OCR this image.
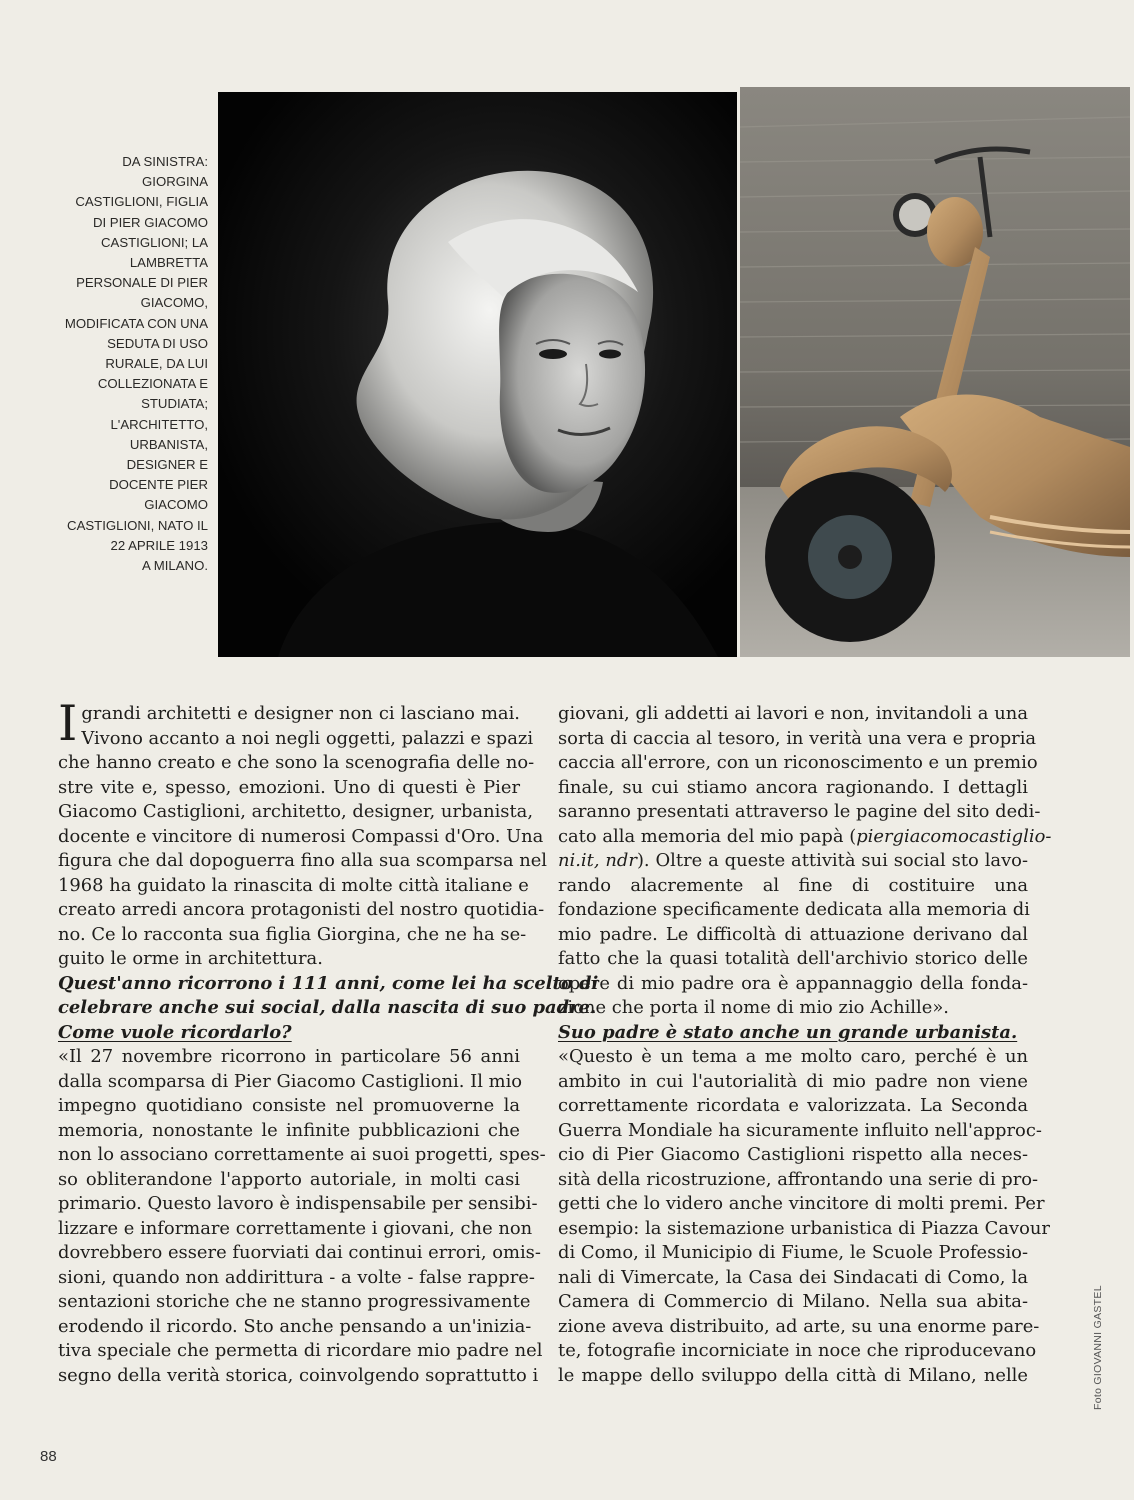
DA SINISTRA:
GIORGINA
CASTIGLIONI, FIGLIA
DI PIER GIACOMO
CASTIGLIONI; LA
LAMBRETTA
PERSONALE DI PIER
GIACOMO,
MODIFICATA CON UNA
SEDUTA DI USO
RURALE, DA LUI
COLLEZIONATA E
STUDIATA;
L'ARCHITETTO,
URBANISTA,
DESIGNER E
DOCENTE PIER
GIACOMO
CASTIGLIONI, NATO IL
22 APRILE 1913
A MILANO.
I grandi architetti e designer non ci lasciano mai.
Vivono accanto a noi negli oggetti, palazzi e spazi
che hanno creato e che sono la scenografia delle no-
stre vite e, spesso, emozioni. Uno di questi è Pier
Giacomo Castiglioni, architetto, designer, urbanista,
docente e vincitore di numerosi Compassi d'Oro. Una
figura che dal dopoguerra fino alla sua scomparsa nel
1968 ha guidato la rinascita di molte città italiane e
creato arredi ancora protagonisti del nostro quotidia-
no. Ce lo racconta sua figlia Giorgina, che ne ha se-
guito le orme in architettura.
Quest'anno ricorrono i 111 anni, come lei ha scelto di
celebrare anche sui social, dalla nascita di suo padre.
Come vuole ricordarlo?
«Il 27 novembre ricorrono in particolare 56 anni
dalla scomparsa di Pier Giacomo Castiglioni. Il mio
impegno quotidiano consiste nel promuoverne la
memoria, nonostante le infinite pubblicazioni che
non lo associano correttamente ai suoi progetti, spes-
so obliterandone l'apporto autoriale, in molti casi
primario. Questo lavoro è indispensabile per sensibi-
lizzare e informare correttamente i giovani, che non
dovrebbero essere fuorviati dai continui errori, omis-
sioni, quando non addirittura - a volte - false rappre-
sentazioni storiche che ne stanno progressivamente
erodendo il ricordo. Sto anche pensando a un'inizia-
tiva speciale che permetta di ricordare mio padre nel
segno della verità storica, coinvolgendo soprattutto i
giovani, gli addetti ai lavori e non, invitandoli a una
sorta di caccia al tesoro, in verità una vera e propria
caccia all'errore, con un riconoscimento e un premio
finale, su cui stiamo ancora ragionando. I dettagli
saranno presentati attraverso le pagine del sito dedi-
cato alla memoria del mio papà (piergiacomocastiglio-
ni.it, ndr). Oltre a queste attività sui social sto lavo-
rando alacremente al fine di costituire una
fondazione specificamente dedicata alla memoria di
mio padre. Le difficoltà di attuazione derivano dal
fatto che la quasi totalità dell'archivio storico delle
opere di mio padre ora è appannaggio della fonda-
zione che porta il nome di mio zio Achille».
Suo padre è stato anche un grande urbanista.
«Questo è un tema a me molto caro, perché è un
ambito in cui l'autorialità di mio padre non viene
correttamente ricordata e valorizzata. La Seconda
Guerra Mondiale ha sicuramente influito nell'approc-
cio di Pier Giacomo Castiglioni rispetto alla neces-
sità della ricostruzione, affrontando una serie di pro-
getti che lo videro anche vincitore di molti premi. Per
esempio: la sistemazione urbanistica di Piazza Cavour
di Como, il Municipio di Fiume, le Scuole Professio-
nali di Vimercate, la Casa dei Sindacati di Como, la
Camera di Commercio di Milano. Nella sua abita-
zione aveva distribuito, ad arte, su una enorme pare-
te, fotografie incorniciate in noce che riproducevano
le mappe dello sviluppo della città di Milano, nelle
88
Foto GIOVANNI GASTEL
